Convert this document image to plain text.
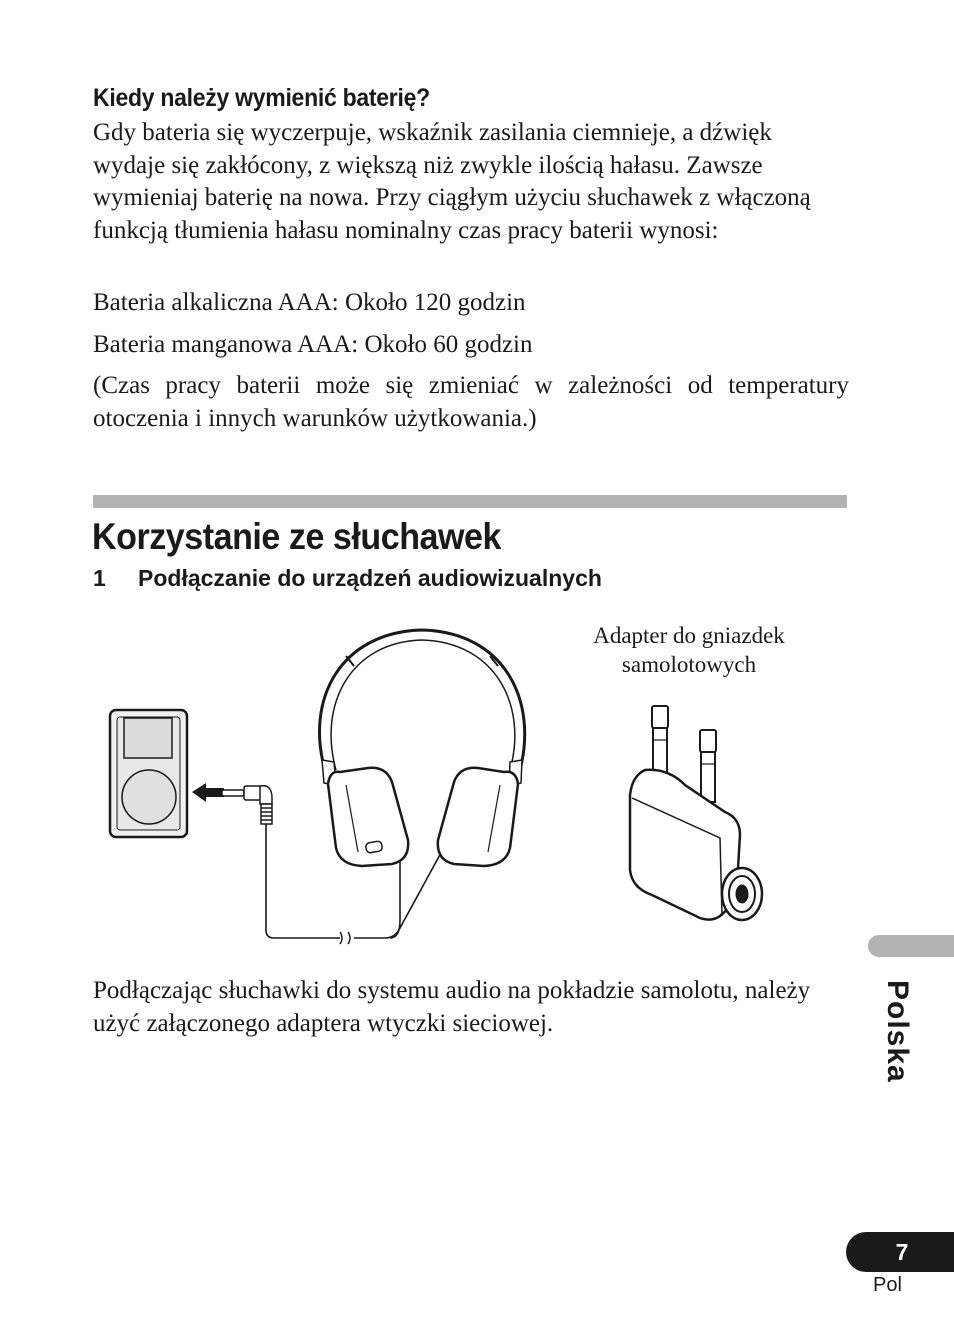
Kiedy należy wymienić baterię?
Gdy bateria się wyczerpuje, wskaźnik zasilania ciemnieje, a dźwięk wydaje się zakłócony, z większą niż zwykle ilością hałasu. Zawsze wymieniaj baterię na nowa. Przy ciągłym użyciu słuchawek z włączoną funkcją tłumienia hałasu nominalny czas pracy baterii wynosi:
Bateria alkaliczna AAA: Około 120 godzin
Bateria manganowa AAA: Około 60 godzin
(Czas pracy baterii może się zmieniać w zależności od temperatury otoczenia i innych warunków użytkowania.)
Korzystanie ze słuchawek
1 Podłączanie do urządzeń audiowizualnych
Adapter do gniazdek samolotowych
Podłączając słuchawki do systemu audio na pokładzie samolotu, należy użyć załączonego adaptera wtyczki sieciowej.	Polska
7
Pol
